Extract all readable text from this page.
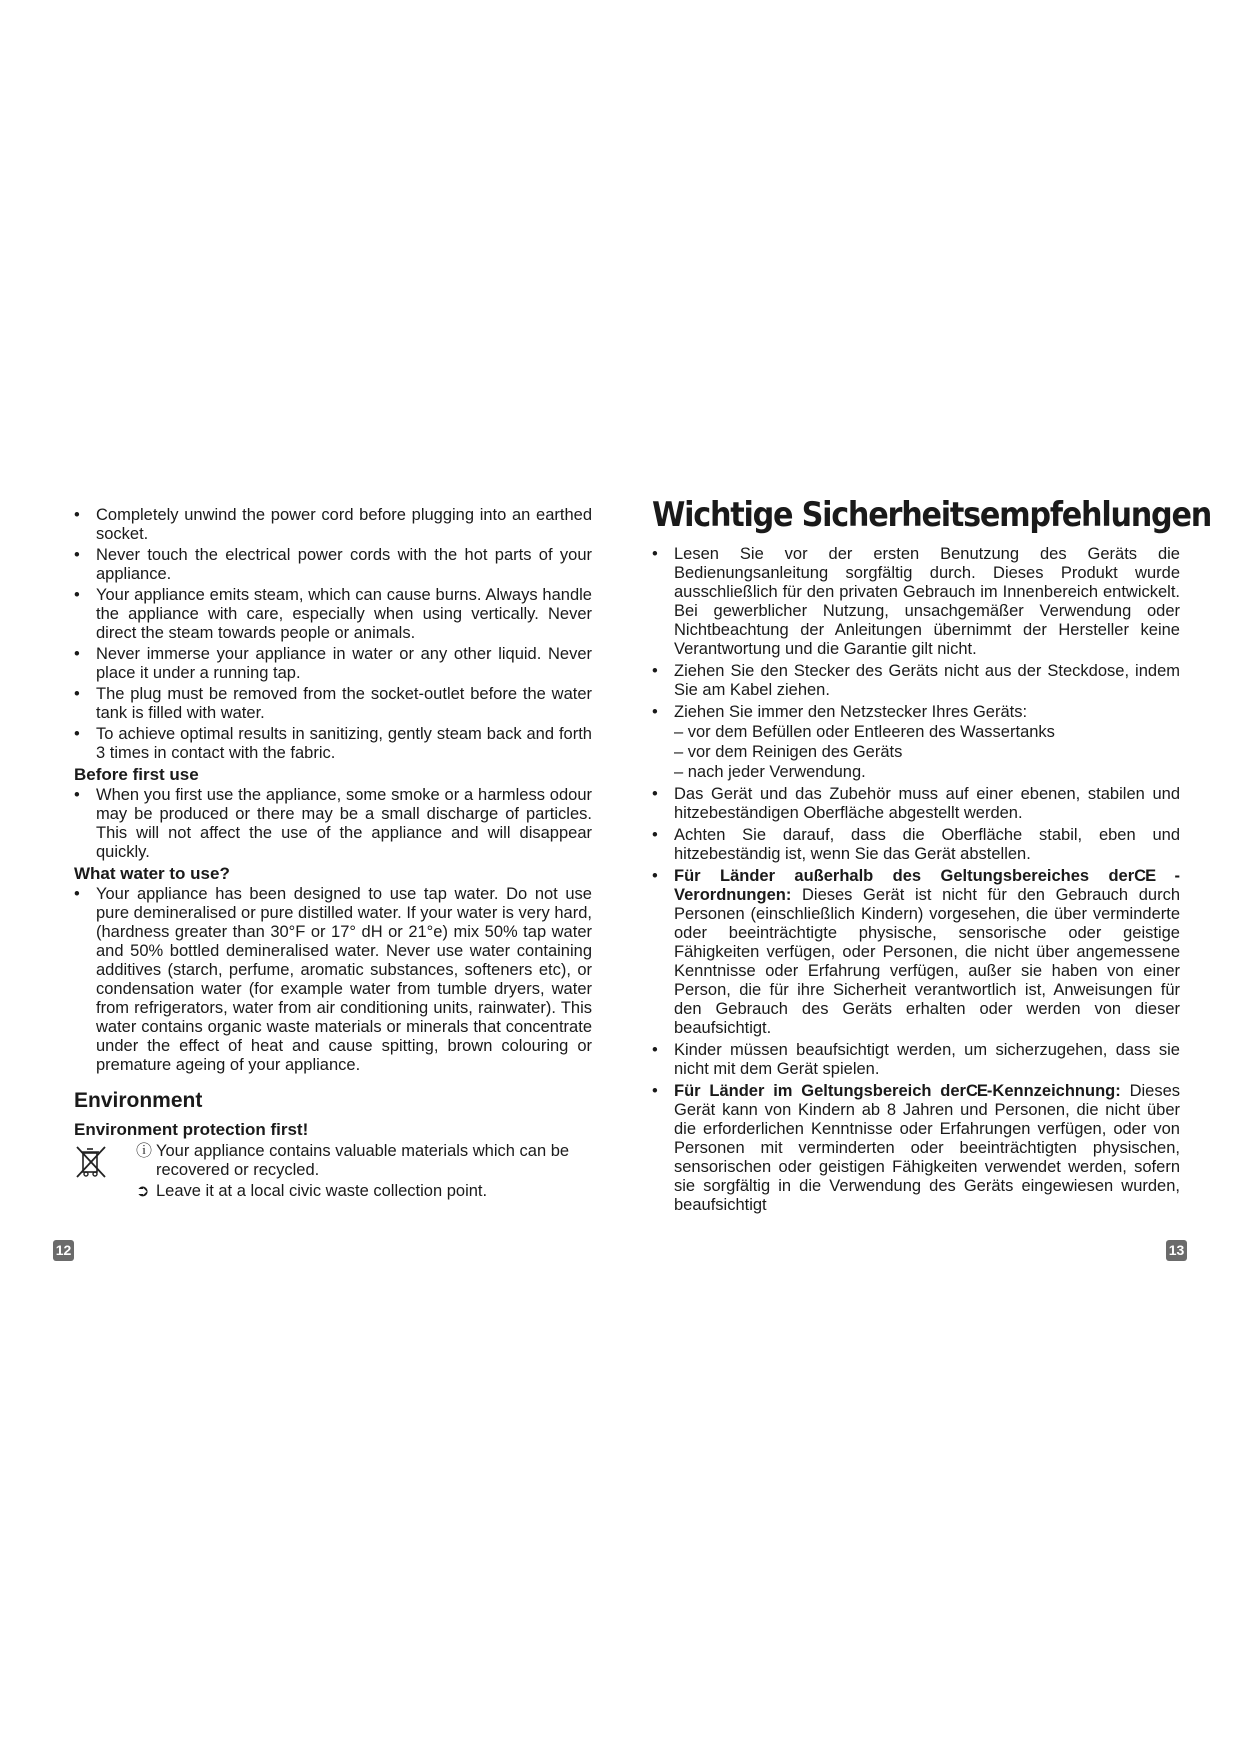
• Completely unwind the power cord before plugging into an earthed socket.
• Never touch the electrical power cords with the hot parts of your appliance.
• Your appliance emits steam, which can cause burns. Always handle the appliance with care, especially when using vertically. Never direct the steam towards people or animals.
• Never immerse your appliance in water or any other liquid. Never place it under a running tap.
• The plug must be removed from the socket-outlet before the water tank is filled with water.
• To achieve optimal results in sanitizing, gently steam back and forth 3 times in contact with the fabric.
Before first use
• When you first use the appliance, some smoke or a harmless odour may be produced or there may be a small discharge of particles. This will not affect the use of the appliance and will disappear quickly.
What water to use?
• Your appliance has been designed to use tap water. Do not use pure demineralised or pure distilled water. If your water is very hard, (hardness greater than 30°F or 17° dH or 21°e) mix 50% tap water and 50% bottled demineralised water. Never use water containing additives (starch, perfume, aromatic substances, softeners etc), or condensation water (for example water from tumble dryers, water from refrigerators, water from air conditioning units, rainwater). This water contains organic waste materials or minerals that concentrate under the effect of heat and cause spitting, brown colouring or premature ageing of your appliance.
Environment
Environment protection first!
ⓘ Your appliance contains valuable materials which can be recovered or recycled.
➲ Leave it at a local civic waste collection point.
12
Wichtige Sicherheitsempfehlungen
• Lesen Sie vor der ersten Benutzung des Geräts die Bedienungsanleitung sorgfältig durch. Dieses Produkt wurde ausschließlich für den privaten Gebrauch im Innenbereich entwickelt. Bei gewerblicher Nutzung, unsachgemäßer Verwendung oder Nichtbeachtung der Anleitungen übernimmt der Hersteller keine Verantwortung und die Garantie gilt nicht.
• Ziehen Sie den Stecker des Geräts nicht aus der Steckdose, indem Sie am Kabel ziehen.
• Ziehen Sie immer den Netzstecker Ihres Geräts:
– vor dem Befüllen oder Entleeren des Wassertanks
– vor dem Reinigen des Geräts
– nach jeder Verwendung.
• Das Gerät und das Zubehör muss auf einer ebenen, stabilen und hitzebeständigen Oberfläche abgestellt werden.
• Achten Sie darauf, dass die Oberfläche stabil, eben und hitzebeständig ist, wenn Sie das Gerät abstellen.
• Für Länder außerhalb des Geltungsbereiches derCE -Verordnungen: Dieses Gerät ist nicht für den Gebrauch durch Personen (einschließlich Kindern) vorgesehen, die über verminderte oder beeinträchtigte physische, sensorische oder geistige Fähigkeiten verfügen, oder Personen, die nicht über angemessene Kenntnisse oder Erfahrung verfügen, außer sie haben von einer Person, die für ihre Sicherheit verantwortlich ist, Anweisungen für den Gebrauch des Geräts erhalten oder werden von dieser beaufsichtigt.
• Kinder müssen beaufsichtigt werden, um sicherzugehen, dass sie nicht mit dem Gerät spielen.
• Für Länder im Geltungsbereich derCE-Kennzeichnung: Dieses Gerät kann von Kindern ab 8 Jahren und Personen, die nicht über die erforderlichen Kenntnisse oder Erfahrungen verfügen, oder von Personen mit verminderten oder beeinträchtigten physischen, sensorischen oder geistigen Fähigkeiten verwendet werden, sofern sie sorgfältig in die Verwendung des Geräts eingewiesen wurden, beaufsichtigt
13
